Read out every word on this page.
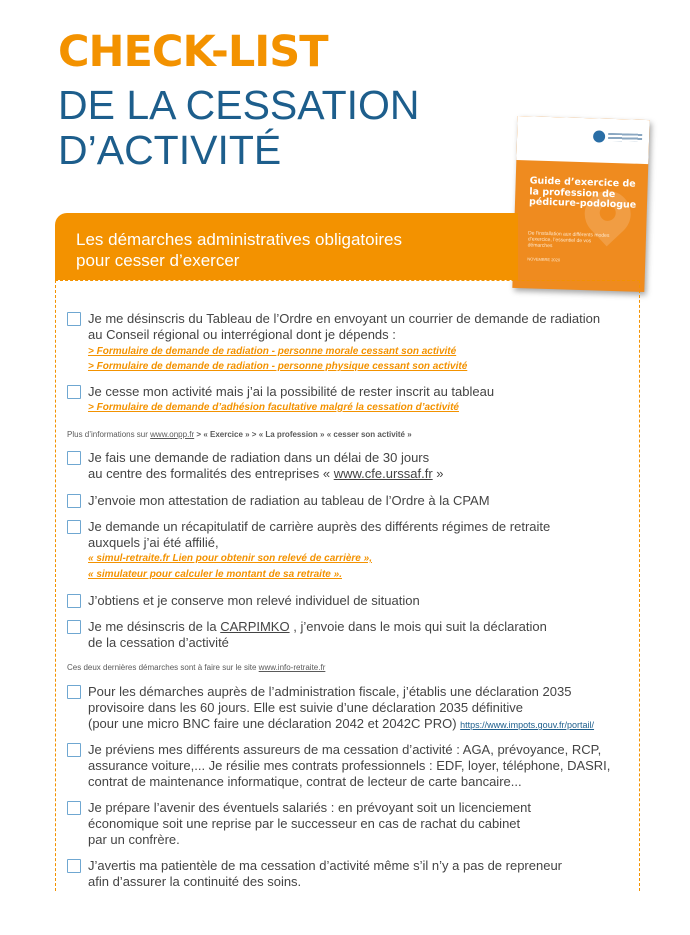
CHECK-LIST
DE LA CESSATION
D’ACTIVITÉ
Guide d’exercice de la profession de pédicure-podologue
De l’installation aux différents modes d’exercice, l’essentiel de vos démarches
NOVEMBRE 2020
Les démarches administratives obligatoires
pour cesser d’exercer
Je me désinscris du Tableau de l’Ordre en envoyant un courrier de demande de radiation
au Conseil régional ou interrégional dont je dépends :
> Formulaire de demande de radiation - personne morale cessant son activité
> Formulaire de demande de radiation - personne physique cessant son activité
Je cesse mon activité mais j’ai la possibilité de rester inscrit au tableau
> Formulaire de demande d’adhésion facultative malgré la cessation d’activité
Plus d’informations sur www.onpp.fr > « Exercice » > « La profession » « cesser son activité »
Je fais une demande de radiation dans un délai de 30 jours
au centre des formalités des entreprises « www.cfe.urssaf.fr »
J’envoie mon attestation de radiation au tableau de l’Ordre à la CPAM
Je demande un récapitulatif de carrière auprès des différents régimes de retraite
auxquels j’ai été affilié,
« simul-retraite.fr Lien pour obtenir son relevé de carrière »,
« simulateur pour calculer le montant de sa retraite ».
J’obtiens et je conserve mon relevé individuel de situation
Je me désinscris de la CARPIMKO , j’envoie dans le mois qui suit la déclaration
de la cessation d’activité
Ces deux dernières démarches sont à faire sur le site www.info-retraite.fr
Pour les démarches auprès de l’administration fiscale, j’établis une déclaration 2035
provisoire dans les 60 jours. Elle est suivie d’une déclaration 2035 définitive
(pour une micro BNC faire une déclaration 2042 et 2042C PRO) https://www.impots.gouv.fr/portail/
Je préviens mes différents assureurs de ma cessation d’activité : AGA, prévoyance, RCP,
assurance voiture,... Je résilie mes contrats professionnels : EDF, loyer, téléphone, DASRI,
contrat de maintenance informatique, contrat de lecteur de carte bancaire...
Je prépare l’avenir des éventuels salariés : en prévoyant soit un licenciement
économique soit une reprise par le successeur en cas de rachat du cabinet
par un confrère.
J’avertis ma patientèle de ma cessation d’activité même s’il n’y a pas de repreneur
afin d’assurer la continuité des soins.
